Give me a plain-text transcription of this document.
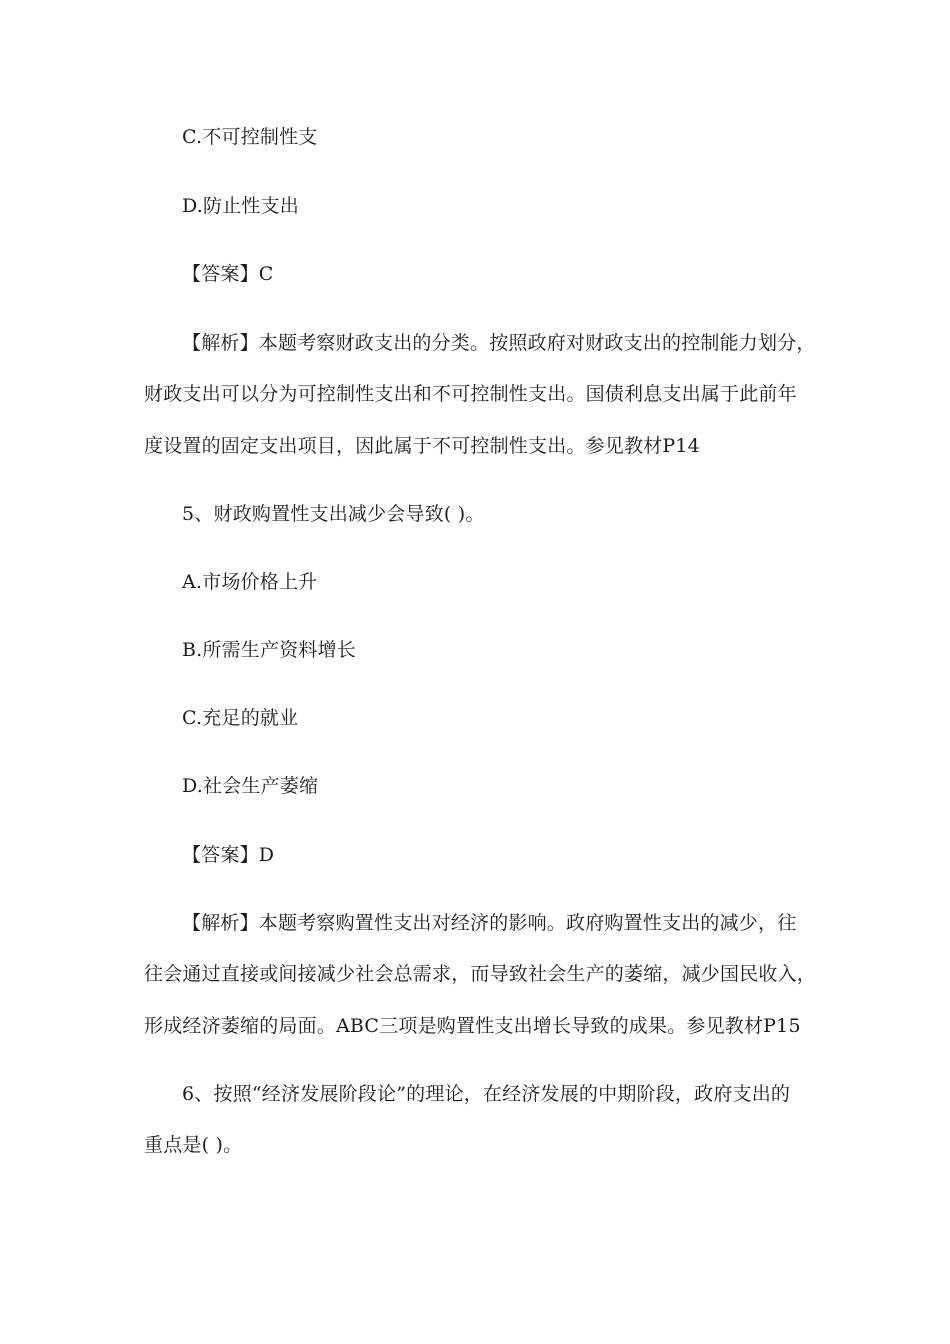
C.不可控制性支
D.防止性支出
【答案】C
【解析】本题考察财政支出的分类。按照政府对财政支出的控制能力划分，
财政支出可以分为可控制性支出和不可控制性支出。国债利息支出属于此前年
度设置的固定支出项目，因此属于不可控制性支出。参见教材P14
5、财政购置性支出减少会导致( )。
A.市场价格上升
B.所需生产资料增长
C.充足的就业
D.社会生产萎缩
【答案】D
【解析】本题考察购置性支出对经济的影响。政府购置性支出的减少，往
往会通过直接或间接减少社会总需求，而导致社会生产的萎缩，减少国民收入，
形成经济萎缩的局面。ABC三项是购置性支出增长导致的成果。参见教材P15
6、按照“经济发展阶段论”的理论，在经济发展的中期阶段，政府支出的
重点是( )。
